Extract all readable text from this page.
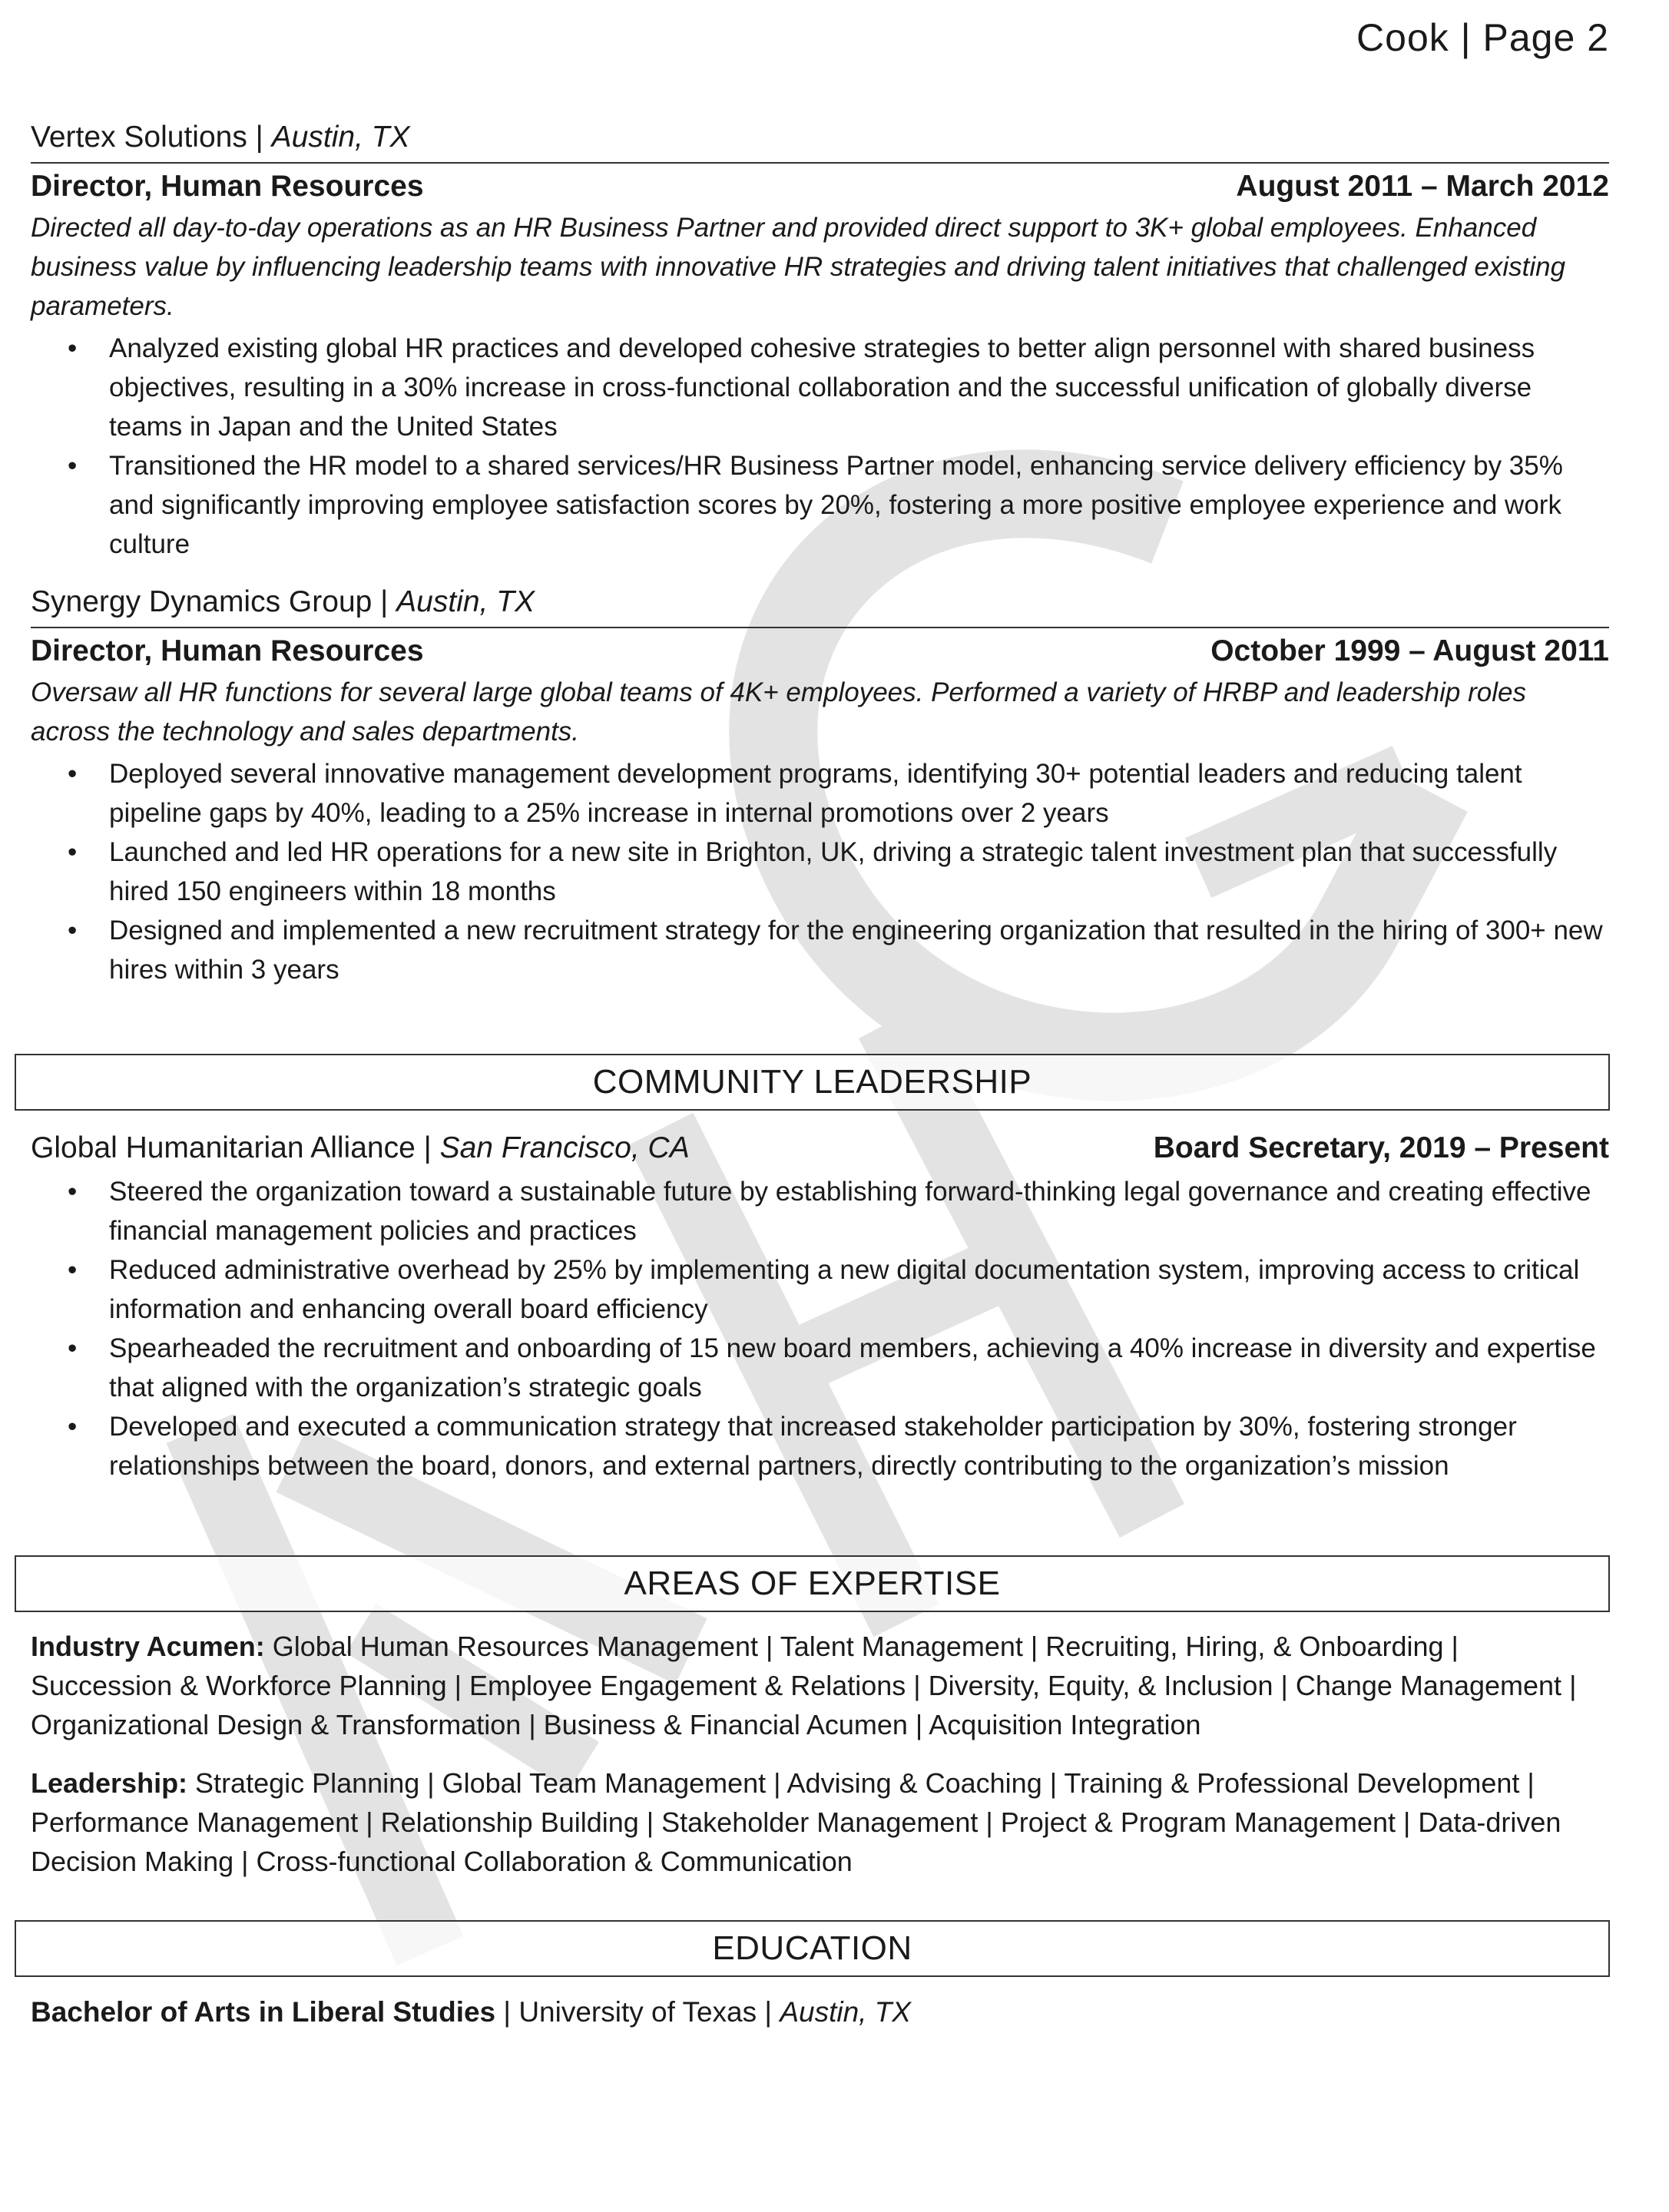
Cook | Page 2
Vertex Solutions | Austin, TX
Director, Human Resources	August 2011 – March 2012
Directed all day-to-day operations as an HR Business Partner and provided direct support to 3K+ global employees. Enhanced business value by influencing leadership teams with innovative HR strategies and driving talent initiatives that challenged existing parameters.
• Analyzed existing global HR practices and developed cohesive strategies to better align personnel with shared business objectives, resulting in a 30% increase in cross-functional collaboration and the successful unification of globally diverse teams in Japan and the United States
• Transitioned the HR model to a shared services/HR Business Partner model, enhancing service delivery efficiency by 35% and significantly improving employee satisfaction scores by 20%, fostering a more positive employee experience and work culture
Synergy Dynamics Group | Austin, TX
Director, Human Resources	October 1999 – August 2011
Oversaw all HR functions for several large global teams of 4K+ employees. Performed a variety of HRBP and leadership roles across the technology and sales departments.
• Deployed several innovative management development programs, identifying 30+ potential leaders and reducing talent pipeline gaps by 40%, leading to a 25% increase in internal promotions over 2 years
• Launched and led HR operations for a new site in Brighton, UK, driving a strategic talent investment plan that successfully hired 150 engineers within 18 months
• Designed and implemented a new recruitment strategy for the engineering organization that resulted in the hiring of 300+ new hires within 3 years
COMMUNITY LEADERSHIP
Global Humanitarian Alliance | San Francisco, CA	Board Secretary, 2019 – Present
• Steered the organization toward a sustainable future by establishing forward-thinking legal governance and creating effective financial management policies and practices
• Reduced administrative overhead by 25% by implementing a new digital documentation system, improving access to critical information and enhancing overall board efficiency
• Spearheaded the recruitment and onboarding of 15 new board members, achieving a 40% increase in diversity and expertise that aligned with the organization’s strategic goals
• Developed and executed a communication strategy that increased stakeholder participation by 30%, fostering stronger relationships between the board, donors, and external partners, directly contributing to the organization’s mission
AREAS OF EXPERTISE
Industry Acumen: Global Human Resources Management | Talent Management | Recruiting, Hiring, & Onboarding | Succession & Workforce Planning | Employee Engagement & Relations | Diversity, Equity, & Inclusion | Change Management | Organizational Design & Transformation | Business & Financial Acumen | Acquisition Integration
Leadership: Strategic Planning | Global Team Management | Advising & Coaching | Training & Professional Development | Performance Management | Relationship Building | Stakeholder Management | Project & Program Management | Data-driven Decision Making | Cross-functional Collaboration & Communication
EDUCATION
Bachelor of Arts in Liberal Studies | University of Texas | Austin, TX
